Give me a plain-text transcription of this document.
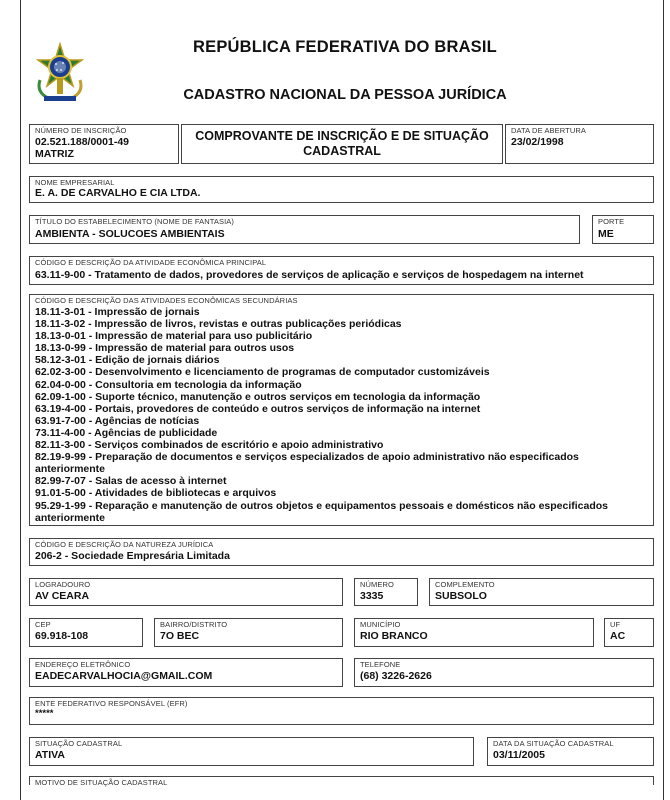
REPÚBLICA FEDERATIVA DO BRASIL
CADASTRO NACIONAL DA PESSOA JURÍDICA
NÚMERO DE INSCRIÇÃO
02.521.188/0001-49
MATRIZ
COMPROVANTE DE INSCRIÇÃO E DE SITUAÇÃO
CADASTRAL
DATA DE ABERTURA
23/02/1998
NOME EMPRESARIAL
E. A. DE CARVALHO E CIA LTDA.
TÍTULO DO ESTABELECIMENTO (NOME DE FANTASIA)
AMBIENTA - SOLUCOES AMBIENTAIS
PORTE
ME
CÓDIGO E DESCRIÇÃO DA ATIVIDADE ECONÔMICA PRINCIPAL
63.11-9-00 - Tratamento de dados, provedores de serviços de aplicação e serviços de hospedagem na internet
CÓDIGO E DESCRIÇÃO DAS ATIVIDADES ECONÔMICAS SECUNDÁRIAS

18.11-3-01 - Impressão de jornais

18.11-3-02 - Impressão de livros, revistas e outras publicações periódicas

18.13-0-01 - Impressão de material para uso publicitário

18.13-0-99 - Impressão de material para outros usos

58.12-3-01 - Edição de jornais diários

62.02-3-00 - Desenvolvimento e licenciamento de programas de computador customizáveis

62.04-0-00 - Consultoria em tecnologia da informação

62.09-1-00 - Suporte técnico, manutenção e outros serviços em tecnologia da informação

63.19-4-00 - Portais, provedores de conteúdo e outros serviços de informação na internet

63.91-7-00 - Agências de notícias

73.11-4-00 - Agências de publicidade

82.11-3-00 - Serviços combinados de escritório e apoio administrativo

82.19-9-99 - Preparação de documentos e serviços especializados de apoio administrativo não especificados

anteriormente

82.99-7-07 - Salas de acesso à internet

91.01-5-00 - Atividades de bibliotecas e arquivos

95.29-1-99 - Reparação e manutenção de outros objetos e equipamentos pessoais e domésticos não especificados

anteriormente

CÓDIGO E DESCRIÇÃO DA NATUREZA JURÍDICA
206-2 - Sociedade Empresária Limitada
LOGRADOURO
AV CEARA
NÚMERO
3335
COMPLEMENTO
SUBSOLO
CEP
69.918-108
BAIRRO/DISTRITO
7O BEC
MUNICÍPIO
RIO BRANCO
UF
AC
ENDEREÇO ELETRÔNICO
EADECARVALHOCIA@GMAIL.COM
TELEFONE
(68) 3226-2626
ENTE FEDERATIVO RESPONSÁVEL (EFR)
*****
SITUAÇÃO CADASTRAL
ATIVA
DATA DA SITUAÇÃO CADASTRAL
03/11/2005
MOTIVO DE SITUAÇÃO CADASTRAL
